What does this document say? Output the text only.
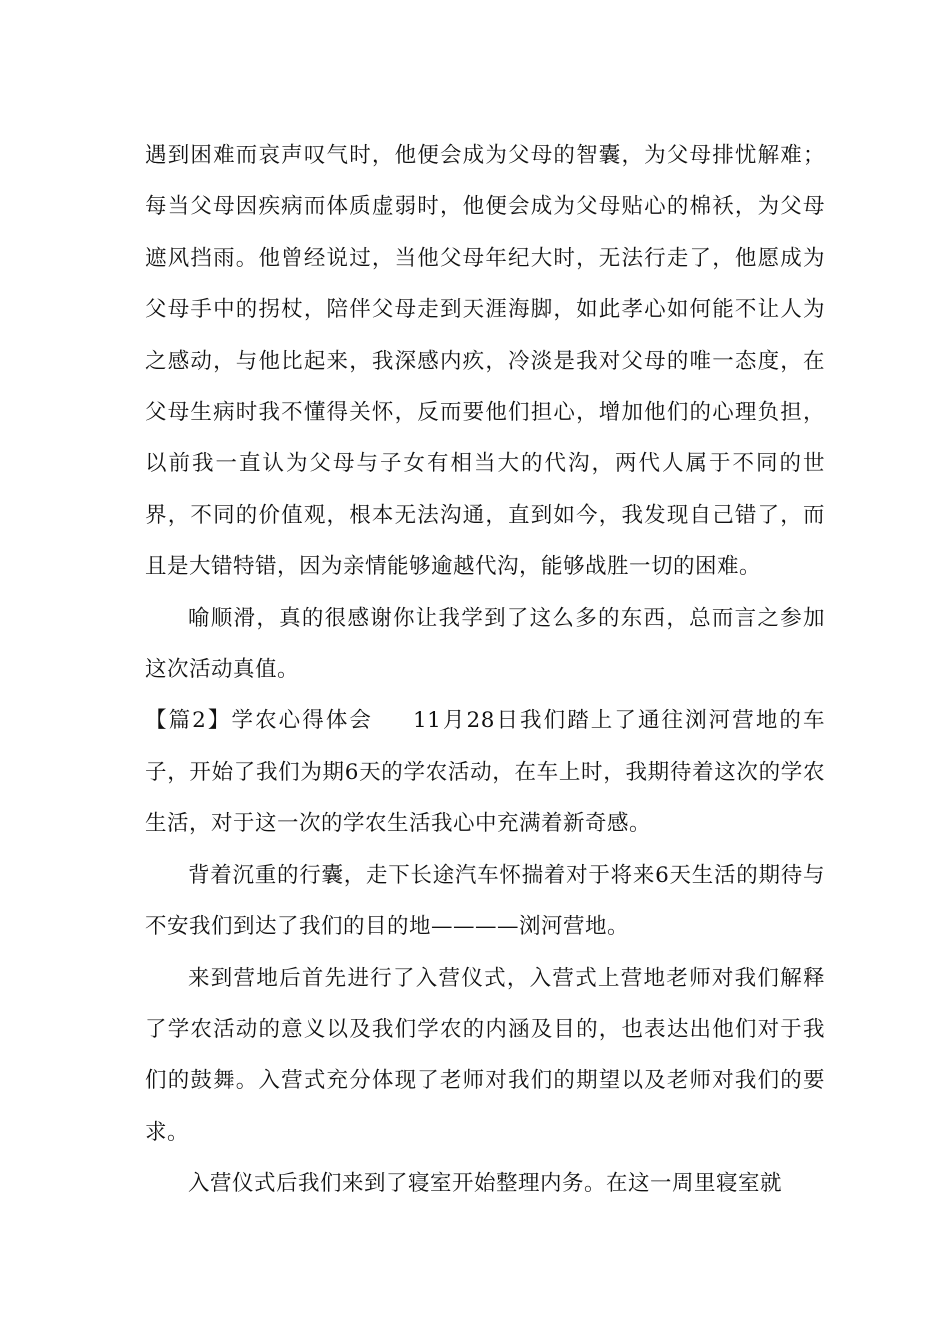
遇到困难而哀声叹气时，他便会成为父母的智囊，为父母排忧解难；每当父母因疾病而体质虚弱时，他便会成为父母贴心的棉袄，为父母遮风挡雨。他曾经说过，当他父母年纪大时，无法行走了，他愿成为父母手中的拐杖，陪伴父母走到天涯海脚，如此孝心如何能不让人为之感动，与他比起来，我深感内疚，冷淡是我对父母的唯一态度，在父母生病时我不懂得关怀，反而要他们担心，增加他们的心理负担，以前我一直认为父母与子女有相当大的代沟，两代人属于不同的世界，不同的价值观，根本无法沟通，直到如今，我发现自己错了，而且是大错特错，因为亲情能够逾越代沟，能够战胜一切的困难。

喻顺滑，真的很感谢你让我学到了这么多的东西，总而言之参加这次活动真值。

【篇2】学农心得体会 11月28日我们踏上了通往浏河营地的车子，开始了我们为期6天的学农活动，在车上时，我期待着这次的学农生活，对于这一次的学农生活我心中充满着新奇感。

背着沉重的行囊，走下长途汽车怀揣着对于将来6天生活的期待与不安我们到达了我们的目的地————浏河营地。

来到营地后首先进行了入营仪式，入营式上营地老师对我们解释了学农活动的意义以及我们学农的内涵及目的，也表达出他们对于我们的鼓舞。入营式充分体现了老师对我们的期望以及老师对我们的要求。

入营仪式后我们来到了寝室开始整理内务。在这一周里寝室就
